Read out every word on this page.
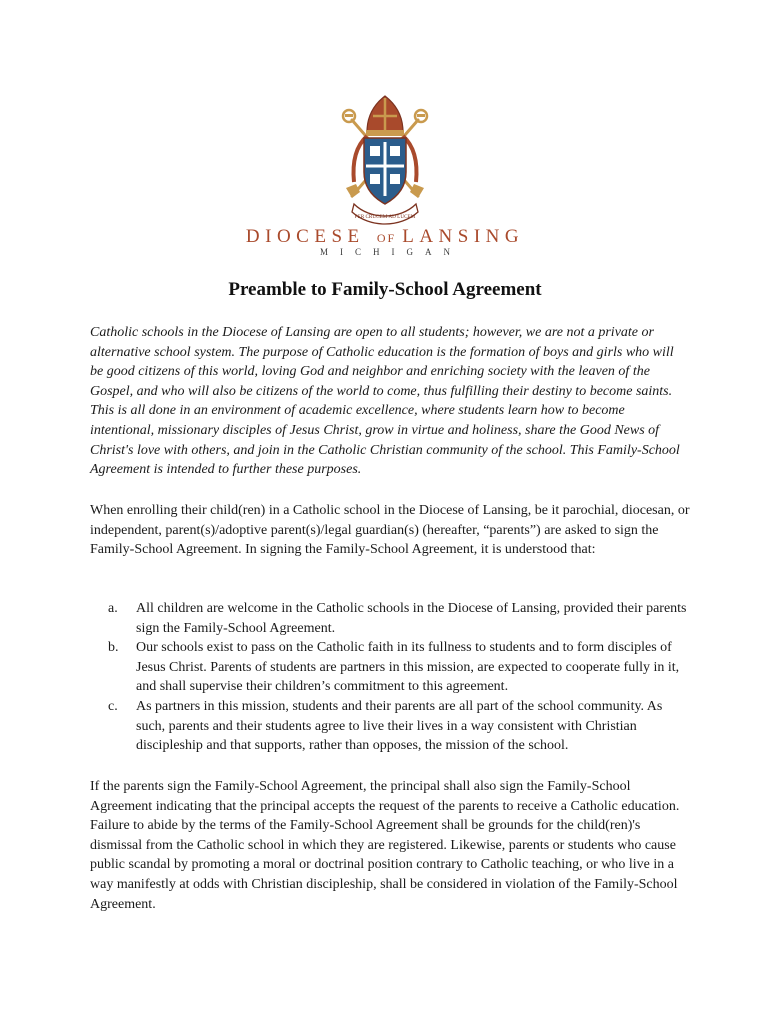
PER CRUCEM AD LUCEM
DIOCESE OF LANSING
MICHIGAN
Preamble to Family-School Agreement

Catholic schools in the Diocese of Lansing are open to all students; however, we are not a private or alternative school system. The purpose of Catholic education is the formation of boys and girls who will be good citizens of this world, loving God and neighbor and enriching society with the leaven of the Gospel, and who will also be citizens of the world to come, thus fulfilling their destiny to become saints. This is all done in an environment of academic excellence, where students learn how to become intentional, missionary disciples of Jesus Christ, grow in virtue and holiness, share the Good News of Christ's love with others, and join in the Catholic Christian community of the school. This Family-School Agreement is intended to further these purposes.

When enrolling their child(ren) in a Catholic school in the Diocese of Lansing, be it parochial, diocesan, or independent, parent(s)/adoptive parent(s)/legal guardian(s) (hereafter, “parents”) are asked to sign the Family-School Agreement. In signing the Family-School Agreement, it is understood that:

a. All children are welcome in the Catholic schools in the Diocese of Lansing, provided their parents sign the Family-School Agreement.
b. Our schools exist to pass on the Catholic faith in its fullness to students and to form disciples of Jesus Christ. Parents of students are partners in this mission, are expected to cooperate fully in it, and shall supervise their children’s commitment to this agreement.
c. As partners in this mission, students and their parents are all part of the school community. As such, parents and their students agree to live their lives in a way consistent with Christian discipleship and that supports, rather than opposes, the mission of the school.

If the parents sign the Family-School Agreement, the principal shall also sign the Family-School Agreement indicating that the principal accepts the request of the parents to receive a Catholic education. Failure to abide by the terms of the Family-School Agreement shall be grounds for the child(ren)'s dismissal from the Catholic school in which they are registered. Likewise, parents or students who cause public scandal by promoting a moral or doctrinal position contrary to Catholic teaching, or who live in a way manifestly at odds with Christian discipleship, shall be considered in violation of the Family-School Agreement.
